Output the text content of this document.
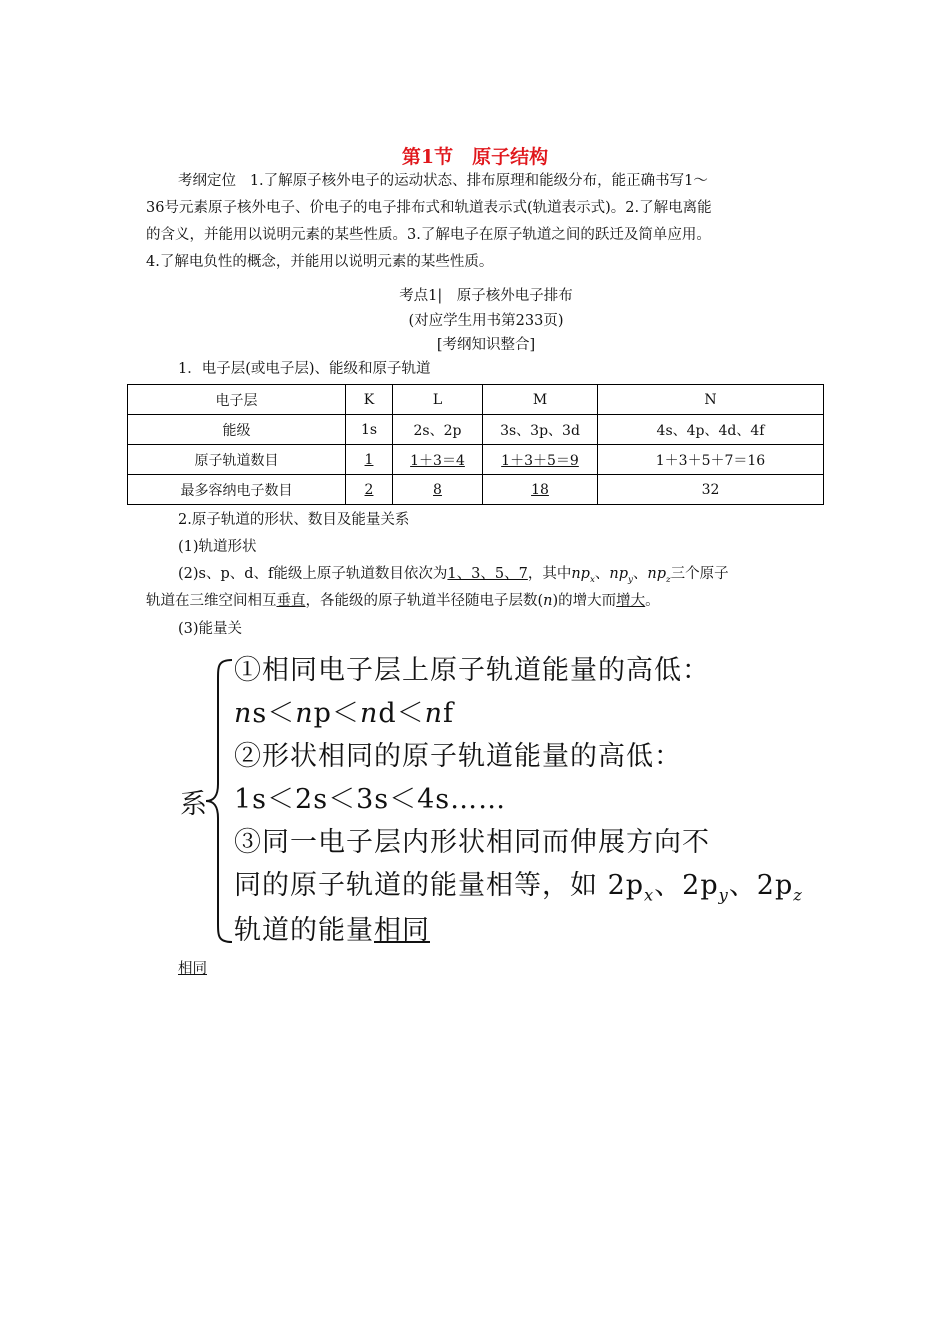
第1节　原子结构
考纲定位 1.了解原子核外电子的运动状态、排布原理和能级分布，能正确书写1～
36号元素原子核外电子、价电子的电子排布式和轨道表示式(轨道表示式)。2.了解电离能
的含义，并能用以说明元素的某些性质。3.了解电子在原子轨道之间的跃迁及简单应用。
4.了解电负性的概念，并能用以说明元素的某些性质。
考点1|　原子核外电子排布
(对应学生用书第233页)
[考纲知识整合]
1．电子层(或电子层)、能级和原子轨道
电子层	K	L	M	N
能级	1s	2s、2p	3s、3p、3d	4s、4p、4d、4f
原子轨道数目	1	1＋3＝4	1＋3＋5＝9	1＋3＋5＋7＝16
最多容纳电子数目	2	8	18	32
2.原子轨道的形状、数目及能量关系
(1)轨道形状
(2)s、p、d、f能级上原子轨道数目依次为1、3、5、7，其中$np_x$、$np_y$、$np_z$三个原子
轨道在三维空间相互垂直，各能级的原子轨道半径随电子层数(n)的增大而增大。
(3)能量关
系
①相同电子层上原子轨道能量的高低：
ns＜np＜nd＜nf
②形状相同的原子轨道能量的高低：
1s＜2s＜3s＜4s……
③同一电子层内形状相同而伸展方向不
同的原子轨道的能量相等，如 $2p_x$、$2p_y$、$2p_z$
轨道的能量相同
相同
